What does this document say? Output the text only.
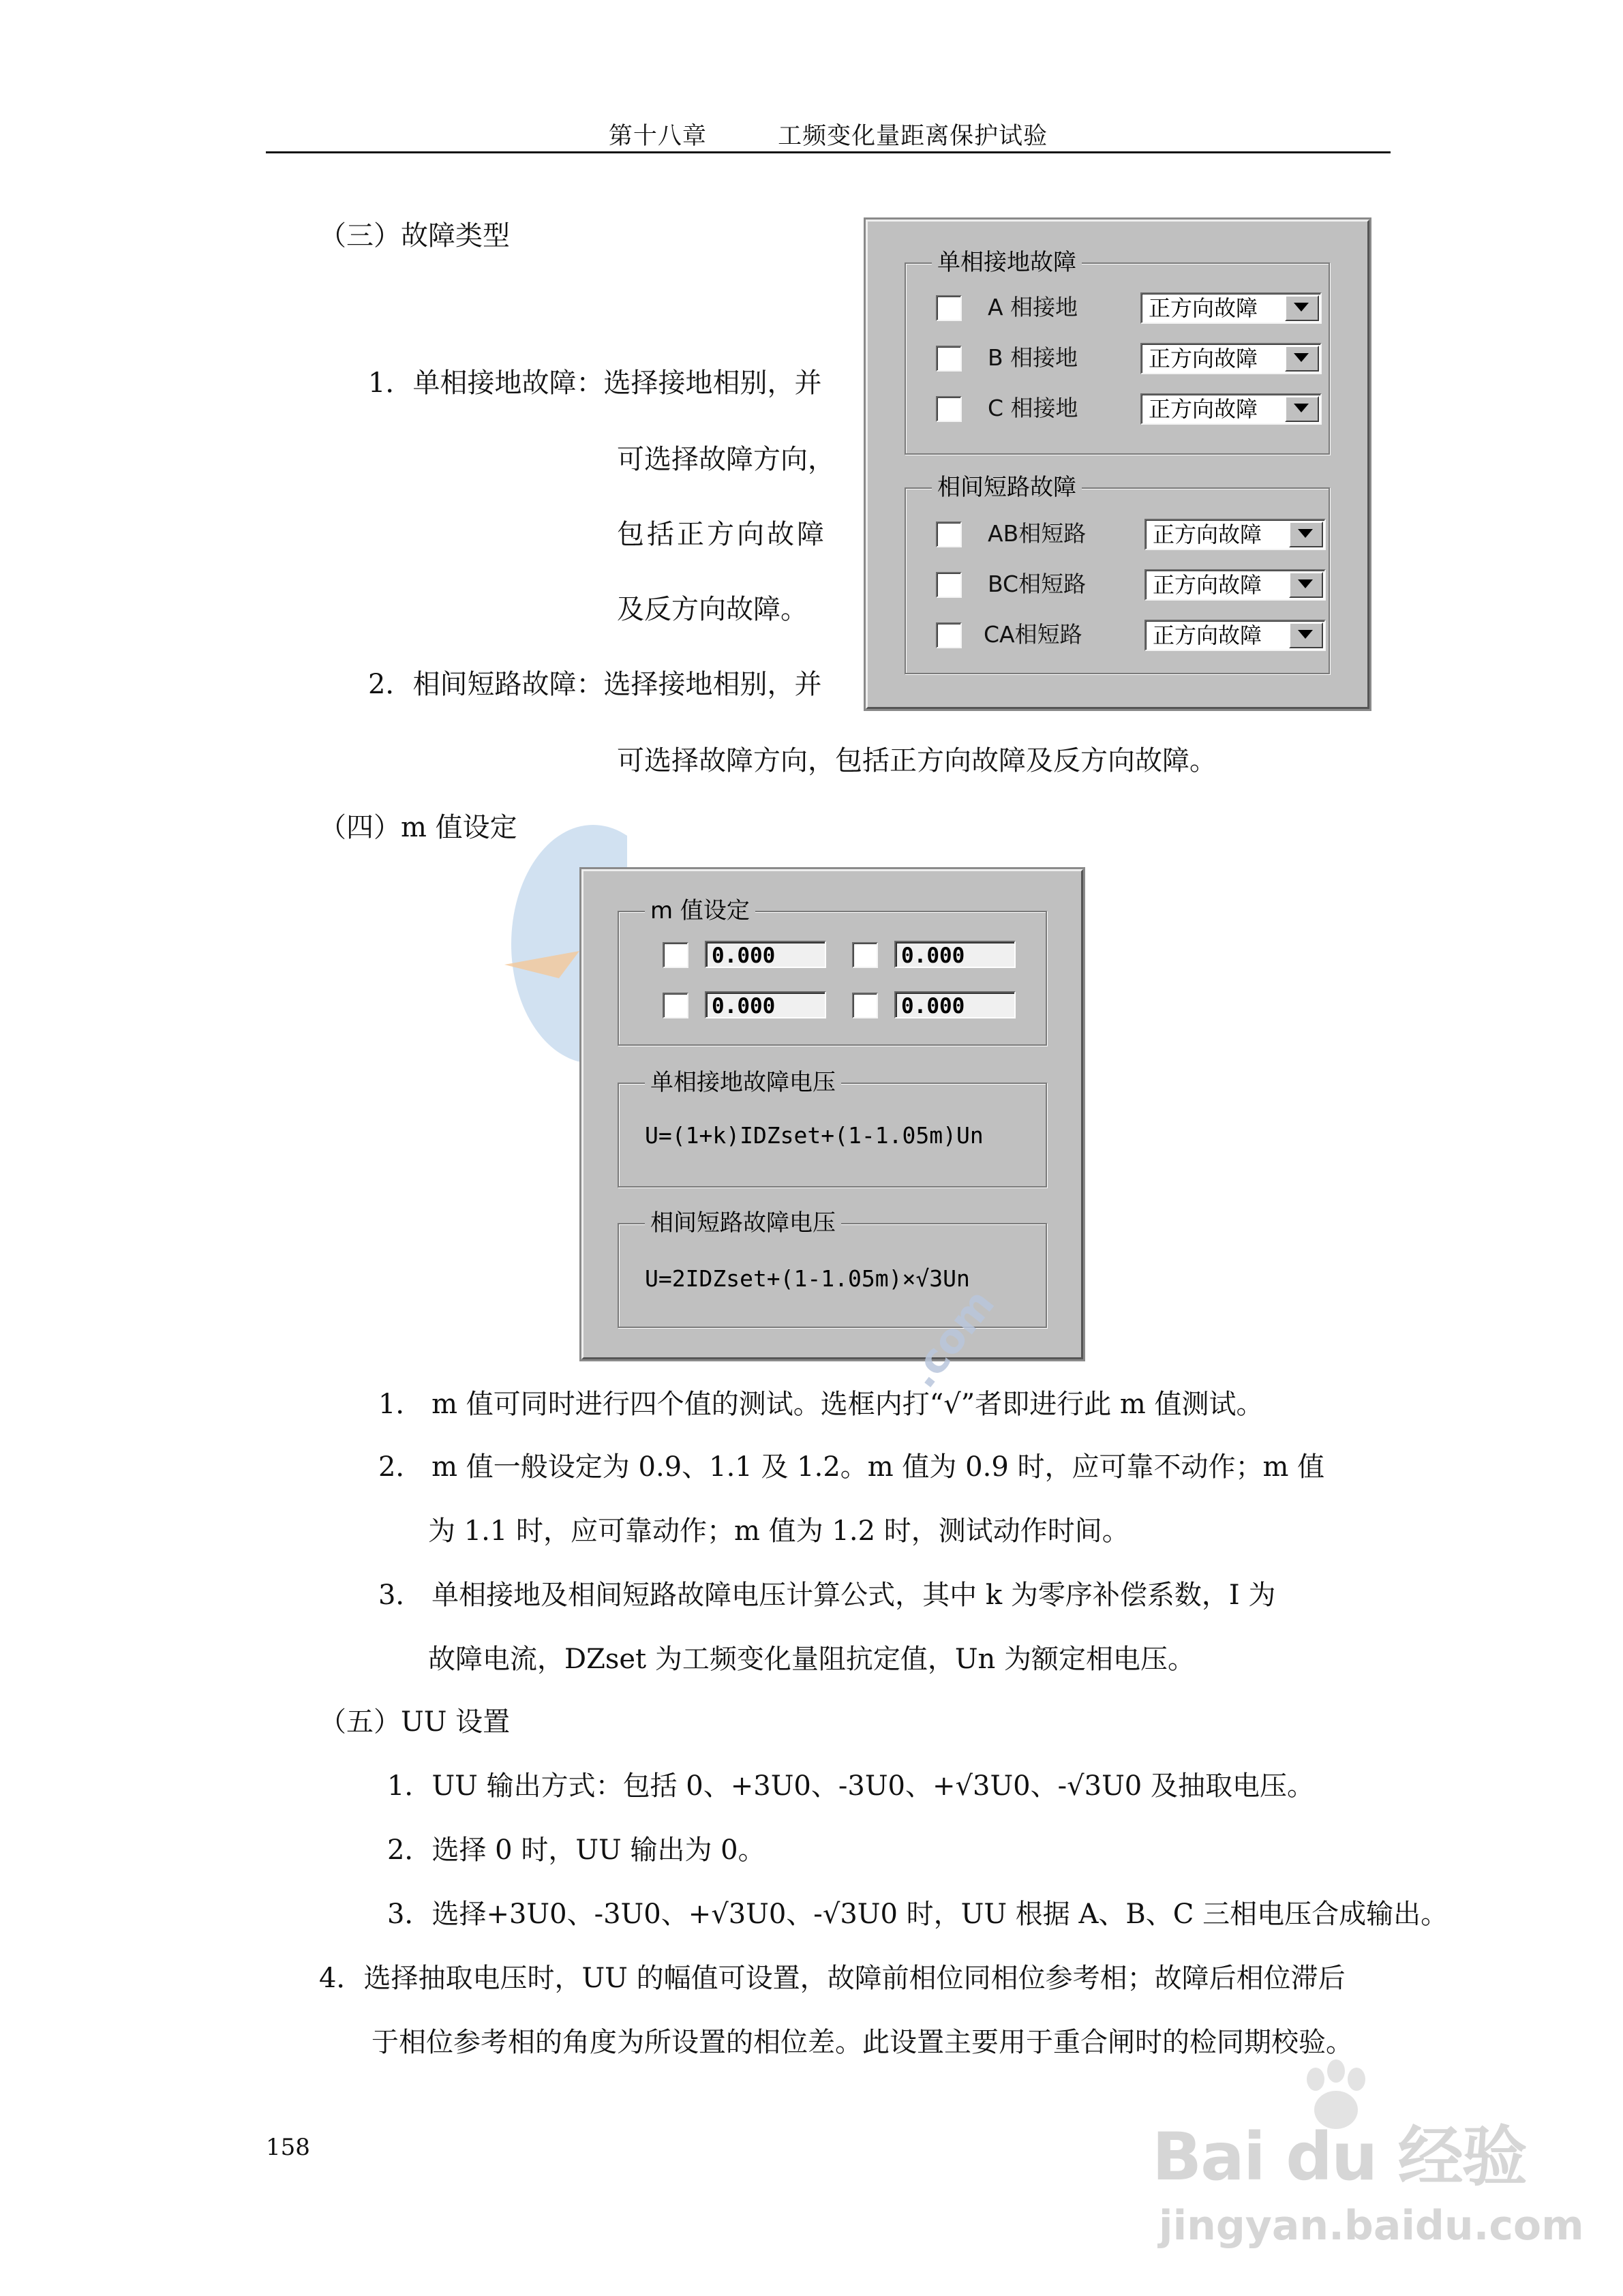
第十八章	工频变化量距离保护试验
（三）故障类型
1．单相接地故障：选择接地相别，并
可选择故障方向，
包括正方向故障
及反方向故障。
2．相间短路故障：选择接地相别，并
可选择故障方向，包括正方向故障及反方向故障。
单相接地故障
A 相接地	正方向故障
B 相接地	正方向故障
C 相接地	正方向故障
相间短路故障
AB相短路	正方向故障
BC相短路	正方向故障
CA相短路	正方向故障
（四）m 值设定
m 值设定
0.000	0.000
0.000	0.000
单相接地故障电压
U=(1+k)IDZset+(1-1.05m)Un
相间短路故障电压
U=2IDZset+(1-1.05m)×√3Un
1． m 值可同时进行四个值的测试。选框内打“√”者即进行此 m 值测试。
.com
2． m 值一般设定为 0.9、1.1 及 1.2。m 值为 0.9 时，应可靠不动作；m 值
为 1.1 时，应可靠动作；m 值为 1.2 时，测试动作时间。
3． 单相接地及相间短路故障电压计算公式，其中 k 为零序补偿系数，I 为
故障电流，DZset 为工频变化量阻抗定值，Un 为额定相电压。
（五）UU 设置
1．UU 输出方式：包括 0、+3U0、-3U0、+√3U0、-√3U0 及抽取电压。
2．选择 0 时，UU 输出为 0。
3．选择+3U0、-3U0、+√3U0、-√3U0 时，UU 根据 A、B、C 三相电压合成输出。
4．选择抽取电压时，UU 的幅值可设置，故障前相位同相位参考相；故障后相位滞后
于相位参考相的角度为所设置的相位差。此设置主要用于重合闸时的检同期校验。
158	Bai du 经验
jingyan.baidu.com
